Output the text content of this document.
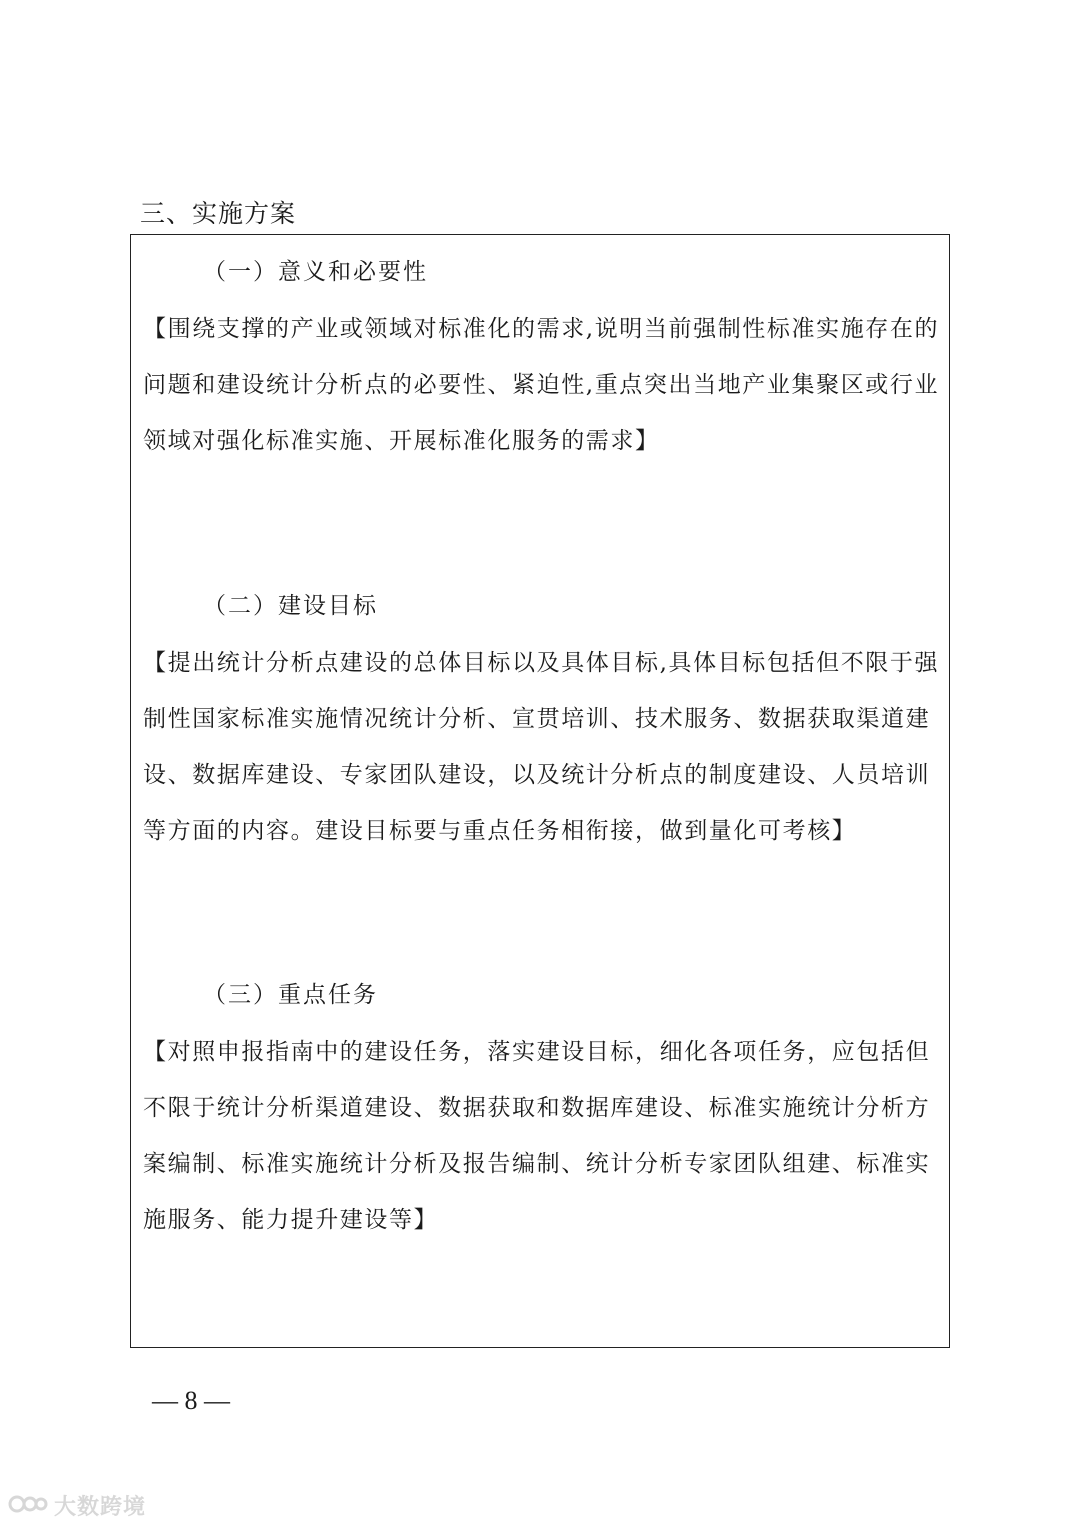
三、实施方案
（一）意义和必要性

【围绕支撑的产业或领域对标准化的需求,说明当前强制性标准实施存在的问题和建设统计分析点的必要性、紧迫性,重点突出当地产业集聚区或行业领域对强化标准实施、开展标准化服务的需求】

（二）建设目标

【提出统计分析点建设的总体目标以及具体目标,具体目标包括但不限于强制性国家标准实施情况统计分析、宣贯培训、技术服务、数据获取渠道建设、数据库建设、专家团队建设，以及统计分析点的制度建设、人员培训等方面的内容。建设目标要与重点任务相衔接，做到量化可考核】

（三）重点任务

【对照申报指南中的建设任务，落实建设目标，细化各项任务，应包括但不限于统计分析渠道建设、数据获取和数据库建设、标准实施统计分析方案编制、标准实施统计分析及报告编制、统计分析专家团队组建、标准实施服务、能力提升建设等】

— 8 —
大数跨境
